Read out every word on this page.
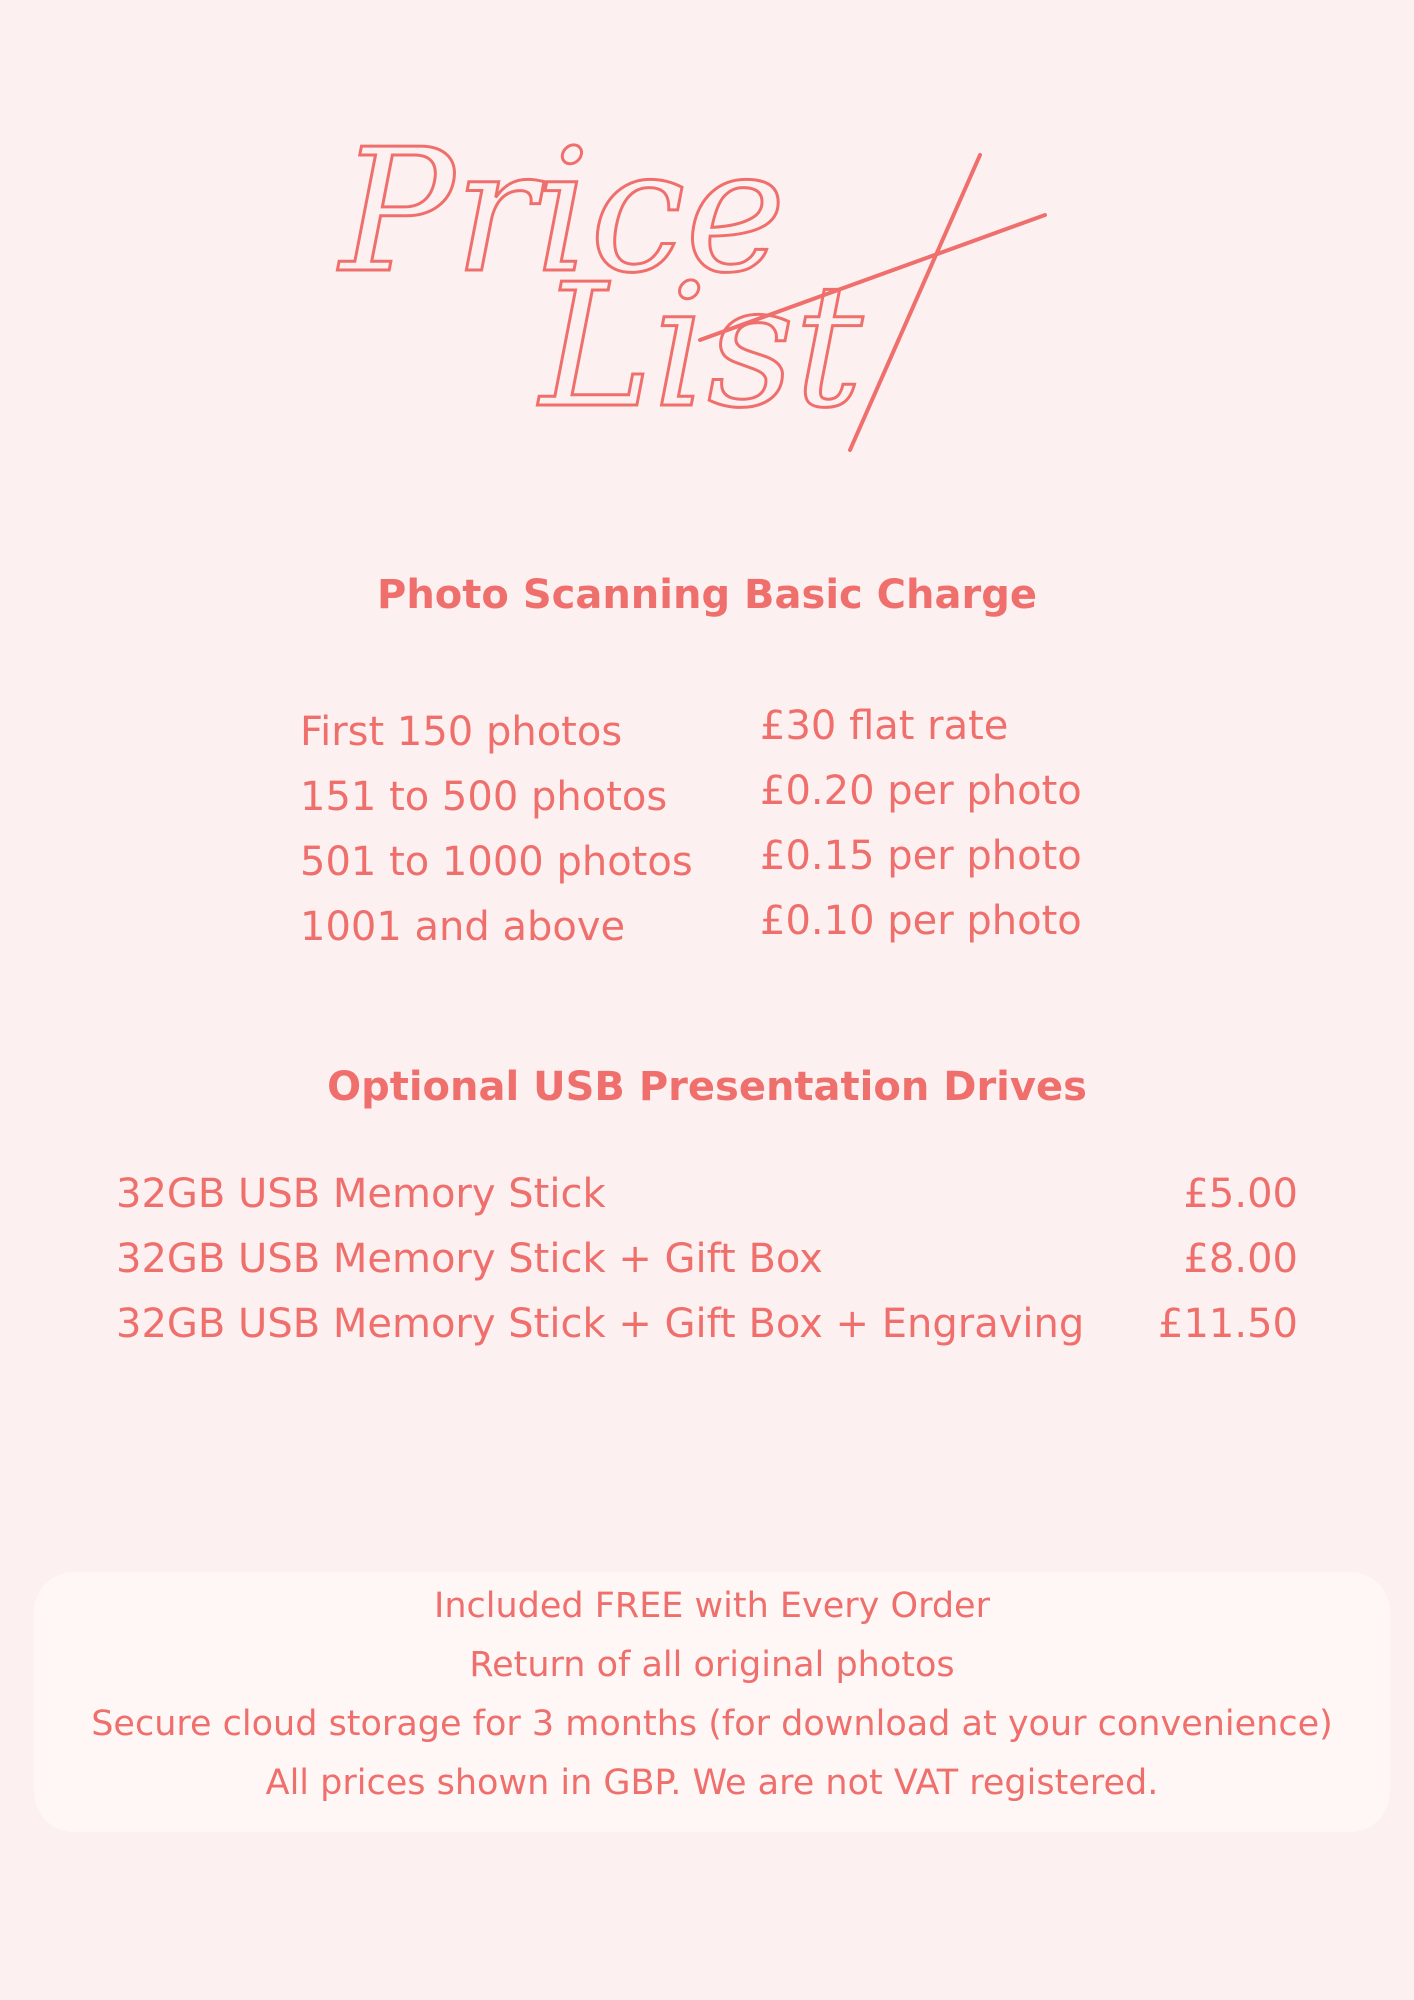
Price
List
Photo Scanning Basic Charge
First 150 photos
151 to 500 photos
501 to 1000 photos
1001 and above
£30 flat rate
£0.20 per photo
£0.15 per photo
£0.10 per photo
Optional USB Presentation Drives
32GB USB Memory Stick	£5.00
32GB USB Memory Stick + Gift Box	£8.00
32GB USB Memory Stick + Gift Box + Engraving £11.50
Included FREE with Every Order
Return of all original photos
Secure cloud storage for 3 months (for download at your convenience)
All prices shown in GBP. We are not VAT registered.
